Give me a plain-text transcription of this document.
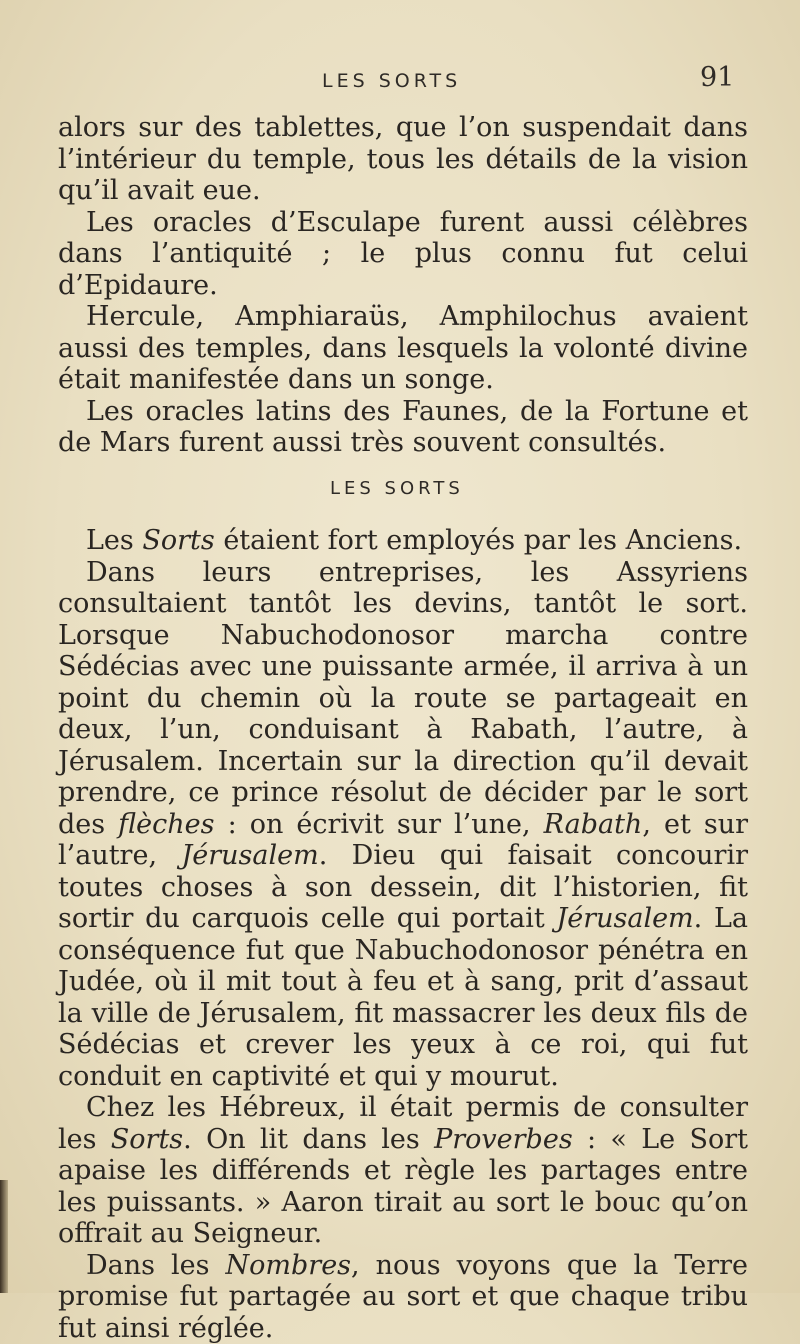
LES SORTS	91

alors sur des tablettes, que l’on suspendait dans l’intérieur du temple, tous les détails de la vision qu’il avait eue.

Les oracles d’Esculape furent aussi célèbres dans l’antiquité ; le plus connu fut celui d’Epidaure.

Hercule, Amphiaraüs, Amphilochus avaient aussi des temples, dans lesquels la volonté divine était manifestée dans un songe.

Les oracles latins des Faunes, de la Fortune et de Mars furent aussi très souvent consultés.

LES SORTS

Les Sorts étaient fort employés par les Anciens.

Dans leurs entreprises, les Assyriens consultaient tantôt les devins, tantôt le sort. Lorsque Nabuchodonosor marcha contre Sédécias avec une puissante armée, il arriva à un point du chemin où la route se partageait en deux, l’un, conduisant à Rabath, l’autre, à Jérusalem. Incertain sur la direction qu’il devait prendre, ce prince résolut de décider par le sort des flèches : on écrivit sur l’une, Rabath, et sur l’autre, Jérusalem. Dieu qui faisait concourir toutes choses à son dessein, dit l’historien, fit sortir du carquois celle qui portait Jérusalem. La conséquence fut que Nabuchodonosor pénétra en Judée, où il mit tout à feu et à sang, prit d’assaut la ville de Jérusalem, fit massacrer les deux fils de Sédécias et crever les yeux à ce roi, qui fut conduit en captivité et qui y mourut.

Chez les Hébreux, il était permis de consulter les Sorts. On lit dans les Proverbes : « Le Sort apaise les différends et règle les partages entre les puissants. » Aaron tirait au sort le bouc qu’on offrait au Seigneur.

Dans les Nombres, nous voyons que la Terre promise fut partagée au sort et que chaque tribu fut ainsi réglée.
